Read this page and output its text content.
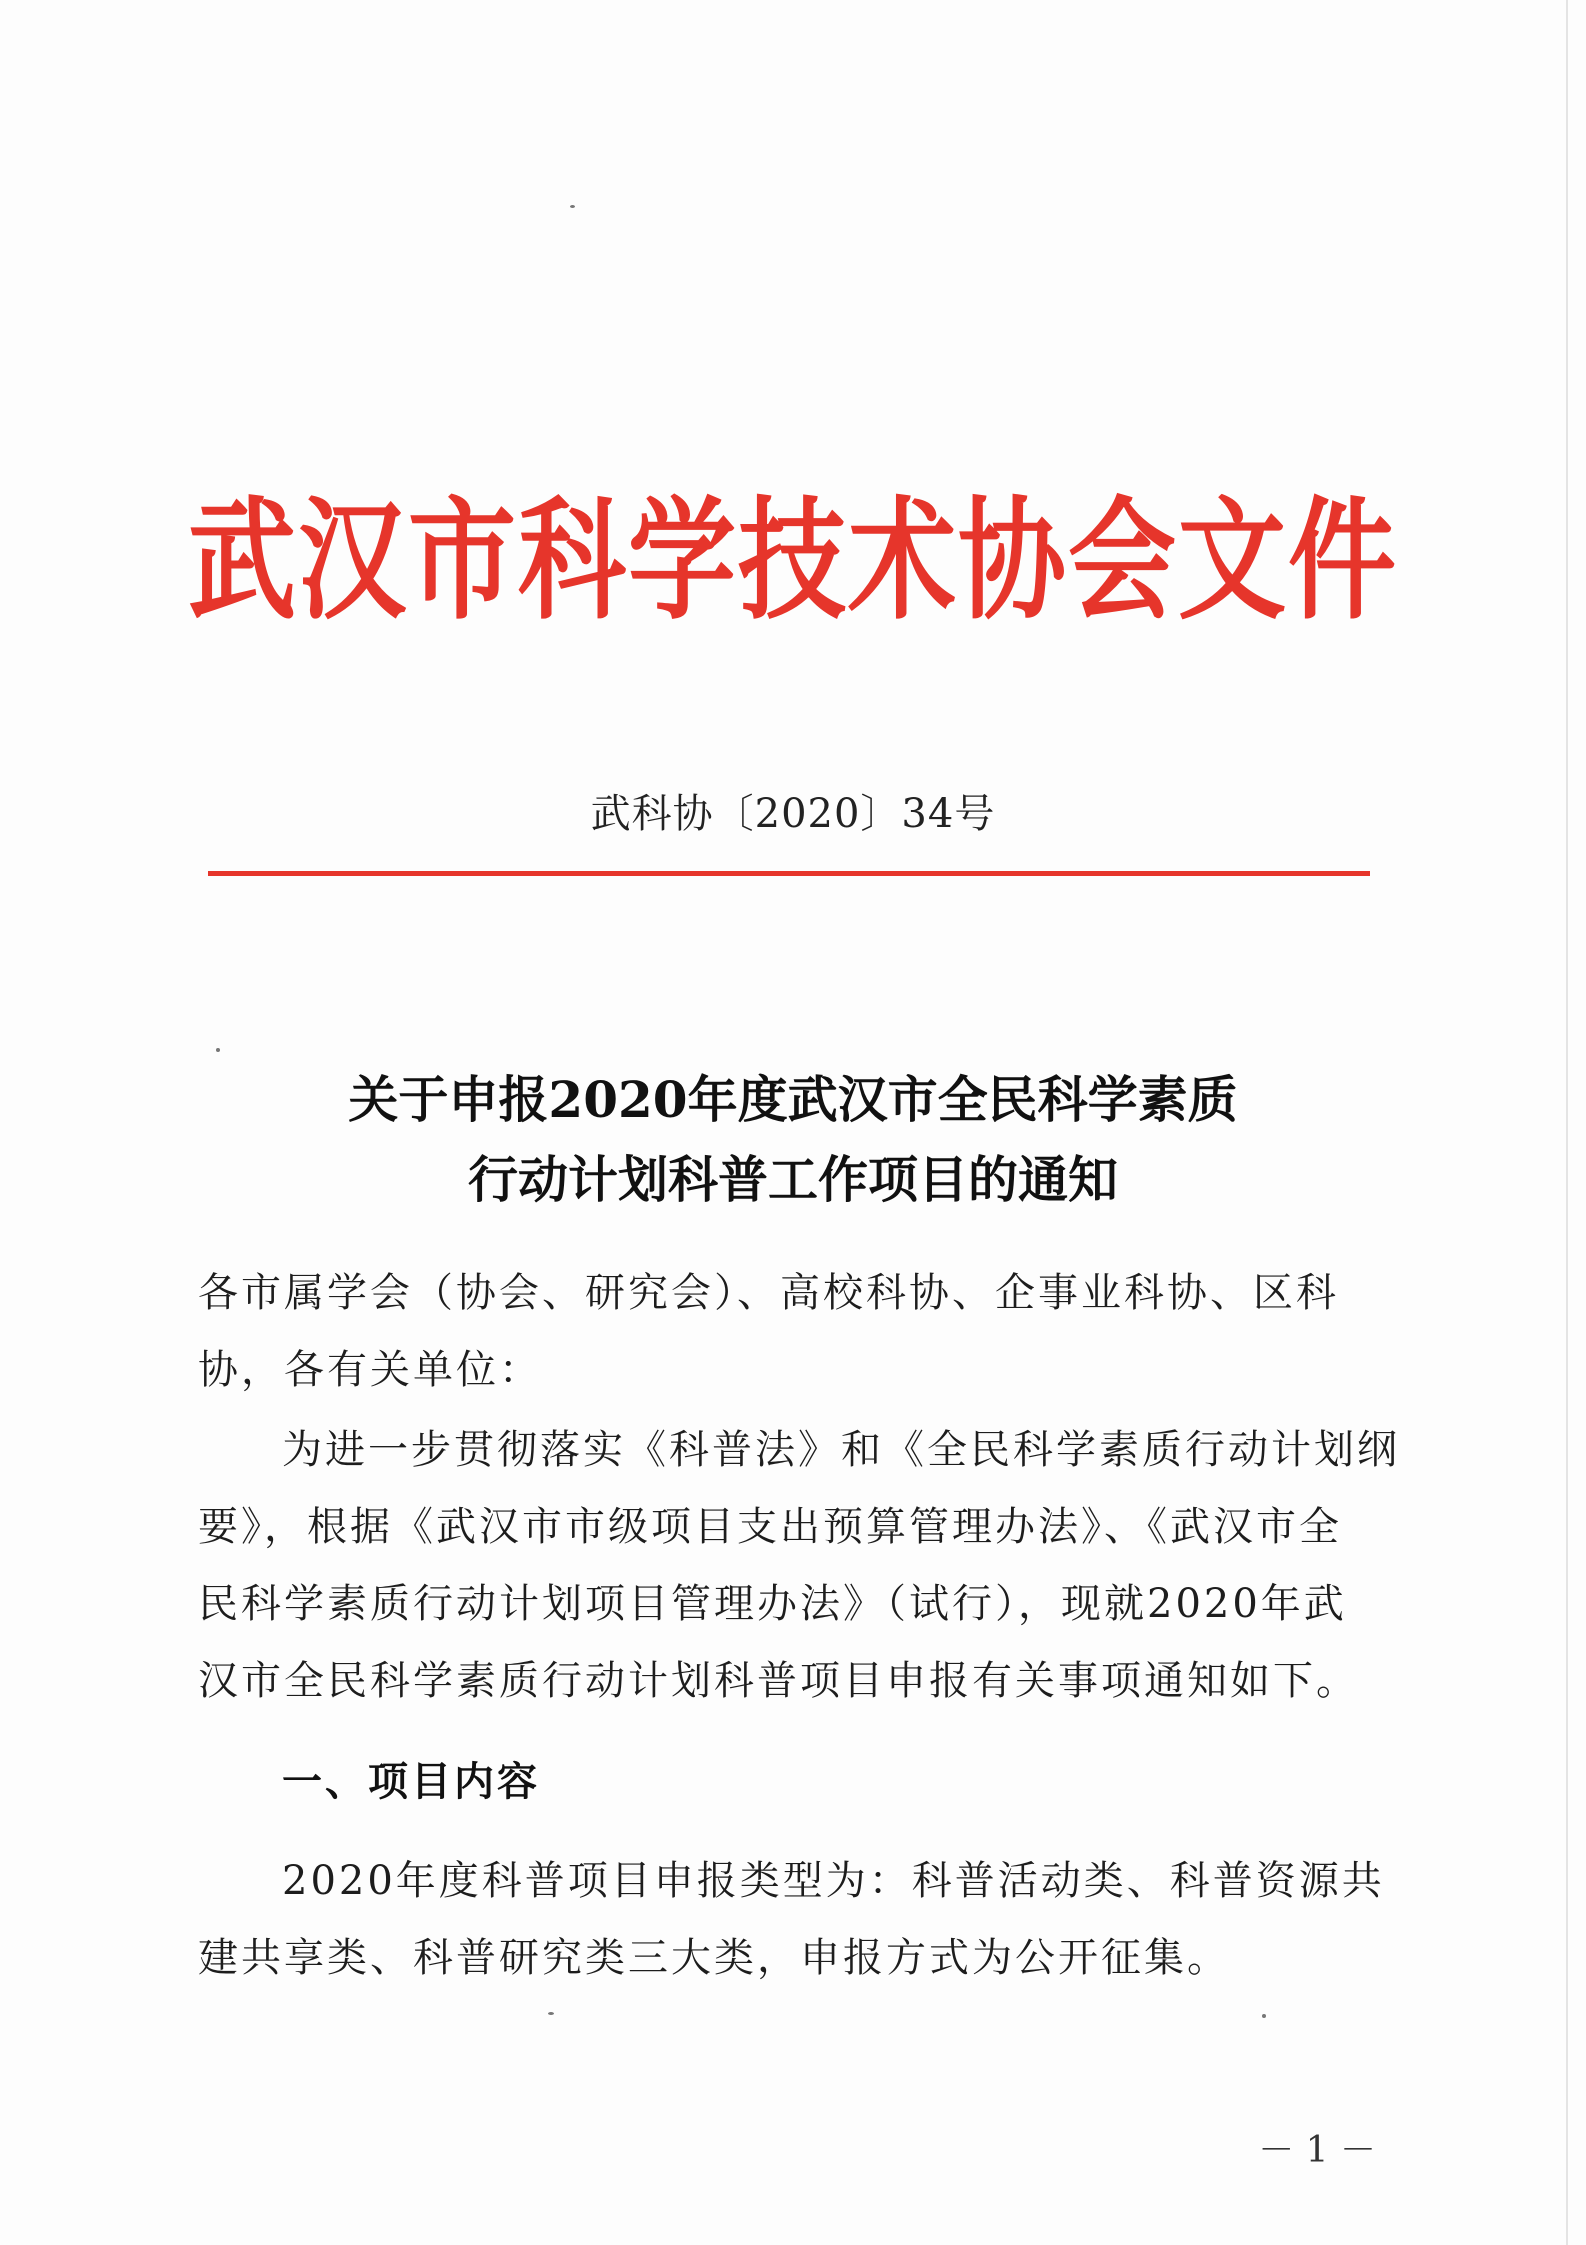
武汉市科学技术协会文件
武科协〔2020〕34号
关于申报2020年度武汉市全民科学素质
行动计划科普工作项目的通知
各市属学会（协会、研究会）、高校科协、企事业科协、区科
协，各有关单位：
为进一步贯彻落实《科普法》和《全民科学素质行动计划纲
要》，根据《武汉市市级项目支出预算管理办法》、《武汉市全
民科学素质行动计划项目管理办法》（试行），现就2020年武
汉市全民科学素质行动计划科普项目申报有关事项通知如下。
一、项目内容
2020年度科普项目申报类型为：科普活动类、科普资源共
建共享类、科普研究类三大类，申报方式为公开征集。
－ 1 －
